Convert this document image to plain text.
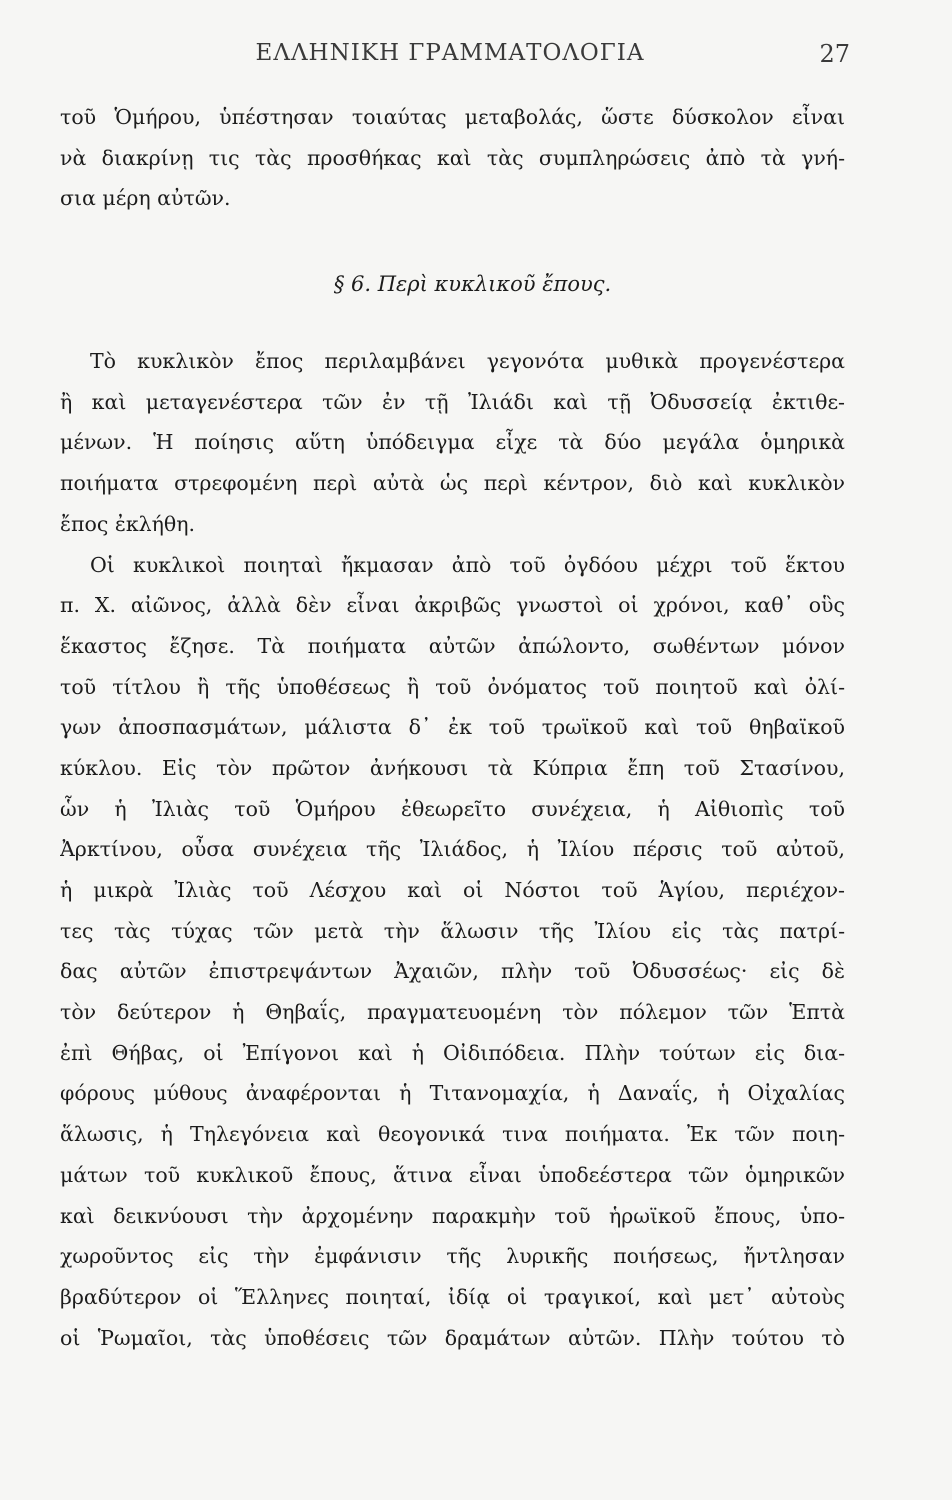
ΕΛΛΗΝΙΚΗ ΓΡΑΜΜΑΤΟΛΟΓΙΑ	27
τοῦ Ὁμήρου, ὑπέστησαν τοιαύτας μεταβολάς, ὥστε δύσκολον εἶναι
νὰ διακρίνῃ τις τὰς προσθήκας καὶ τὰς συμπληρώσεις ἀπὸ τὰ γνή-
σια μέρη αὐτῶν.
§ 6. Περὶ κυκλικοῦ ἔπους.
Τὸ κυκλικὸν ἔπος περιλαμβάνει γεγονότα μυθικὰ προγενέστερα
ἢ καὶ μεταγενέστερα τῶν ἐν τῇ Ἰλιάδι καὶ τῇ Ὀδυσσείᾳ ἐκτιθε-
μένων. Ἡ ποίησις αὕτη ὑπόδειγμα εἶχε τὰ δύο μεγάλα ὁμηρικὰ
ποιήματα στρεφομένη περὶ αὐτὰ ὡς περὶ κέντρον, διὸ καὶ κυκλικὸν
ἔπος ἐκλήθη.
Οἱ κυκλικοὶ ποιηταὶ ἤκμασαν ἀπὸ τοῦ ὀγδόου μέχρι τοῦ ἕκτου
π. Χ. αἰῶνος, ἀλλὰ δὲν εἶναι ἀκριβῶς γνωστοὶ οἱ χρόνοι, καθ᾽ οὓς
ἕκαστος ἔζησε. Τὰ ποιήματα αὐτῶν ἀπώλοντο, σωθέντων μόνον
τοῦ τίτλου ἢ τῆς ὑποθέσεως ἢ τοῦ ὀνόματος τοῦ ποιητοῦ καὶ ὀλί-
γων ἀποσπασμάτων, μάλιστα δ᾽ ἐκ τοῦ τρωϊκοῦ καὶ τοῦ θηβαϊκοῦ
κύκλου. Εἰς τὸν πρῶτον ἀνήκουσι τὰ Κύπρια ἔπη τοῦ Στασίνου,
ὧν ἡ Ἰλιὰς τοῦ Ὁμήρου ἐθεωρεῖτο συνέχεια, ἡ Αἰθιοπὶς τοῦ
Ἀρκτίνου, οὖσα συνέχεια τῆς Ἰλιάδος, ἡ Ἰλίου πέρσις τοῦ αὐτοῦ,
ἡ μικρὰ Ἰλιὰς τοῦ Λέσχου καὶ οἱ Νόστοι τοῦ Ἁγίου, περιέχον-
τες τὰς τύχας τῶν μετὰ τὴν ἅλωσιν τῆς Ἰλίου εἰς τὰς πατρί-
δας αὐτῶν ἐπιστρεψάντων Ἀχαιῶν, πλὴν τοῦ Ὀδυσσέως· εἰς δὲ
τὸν δεύτερον ἡ Θηβαΐς, πραγματευομένη τὸν πόλεμον τῶν Ἑπτὰ
ἐπὶ Θήβας, οἱ Ἐπίγονοι καὶ ἡ Οἰδιπόδεια. Πλὴν τούτων εἰς δια-
φόρους μύθους ἀναφέρονται ἡ Τιτανομαχία, ἡ Δαναΐς, ἡ Οἰχαλίας
ἅλωσις, ἡ Τηλεγόνεια καὶ θεογονικά τινα ποιήματα. Ἐκ τῶν ποιη-
μάτων τοῦ κυκλικοῦ ἔπους, ἅτινα εἶναι ὑποδεέστερα τῶν ὁμηρικῶν
καὶ δεικνύουσι τὴν ἀρχομένην παρακμὴν τοῦ ἡρωϊκοῦ ἔπους, ὑπο-
χωροῦντος εἰς τὴν ἐμφάνισιν τῆς λυρικῆς ποιήσεως, ἤντλησαν
βραδύτερον οἱ Ἕλληνες ποιηταί, ἰδίᾳ οἱ τραγικοί, καὶ μετ᾽ αὐτοὺς
οἱ Ῥωμαῖοι, τὰς ὑποθέσεις τῶν δραμάτων αὐτῶν. Πλὴν τούτου τὸ
